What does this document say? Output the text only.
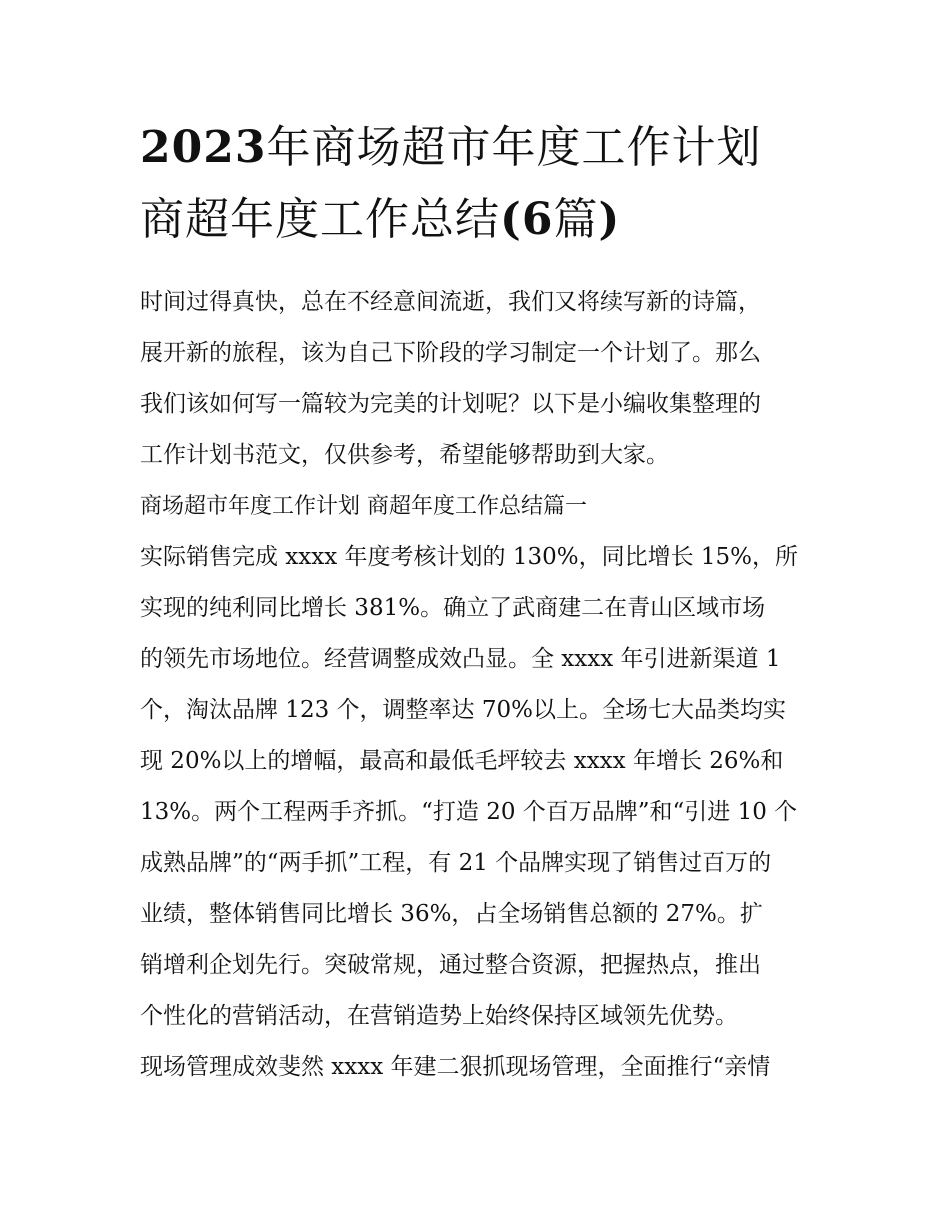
2023年商场超市年度工作计划
商超年度工作总结(6篇)

时间过得真快，总在不经意间流逝，我们又将续写新的诗篇，

展开新的旅程，该为自己下阶段的学习制定一个计划了。那么

我们该如何写一篇较为完美的计划呢？以下是小编收集整理的

工作计划书范文，仅供参考，希望能够帮助到大家。

商场超市年度工作计划 商超年度工作总结篇一

实际销售完成 xxxx 年度考核计划的 130%，同比增长 15%，所

实现的纯利同比增长 381%。确立了武商建二在青山区域市场

的领先市场地位。经营调整成效凸显。全 xxxx 年引进新渠道 1

个，淘汰品牌 123 个，调整率达 70%以上。全场七大品类均实

现 20%以上的增幅，最高和最低毛坪较去 xxxx 年增长 26%和

13%。两个工程两手齐抓。“打造 20 个百万品牌”和“引进 10 个

成熟品牌”的“两手抓”工程，有 21 个品牌实现了销售过百万的

业绩，整体销售同比增长 36%，占全场销售总额的 27%。扩

销增利企划先行。突破常规，通过整合资源，把握热点，推出

个性化的营销活动，在营销造势上始终保持区域领先优势。

现场管理成效斐然 xxxx 年建二狠抓现场管理，全面推行“亲情
